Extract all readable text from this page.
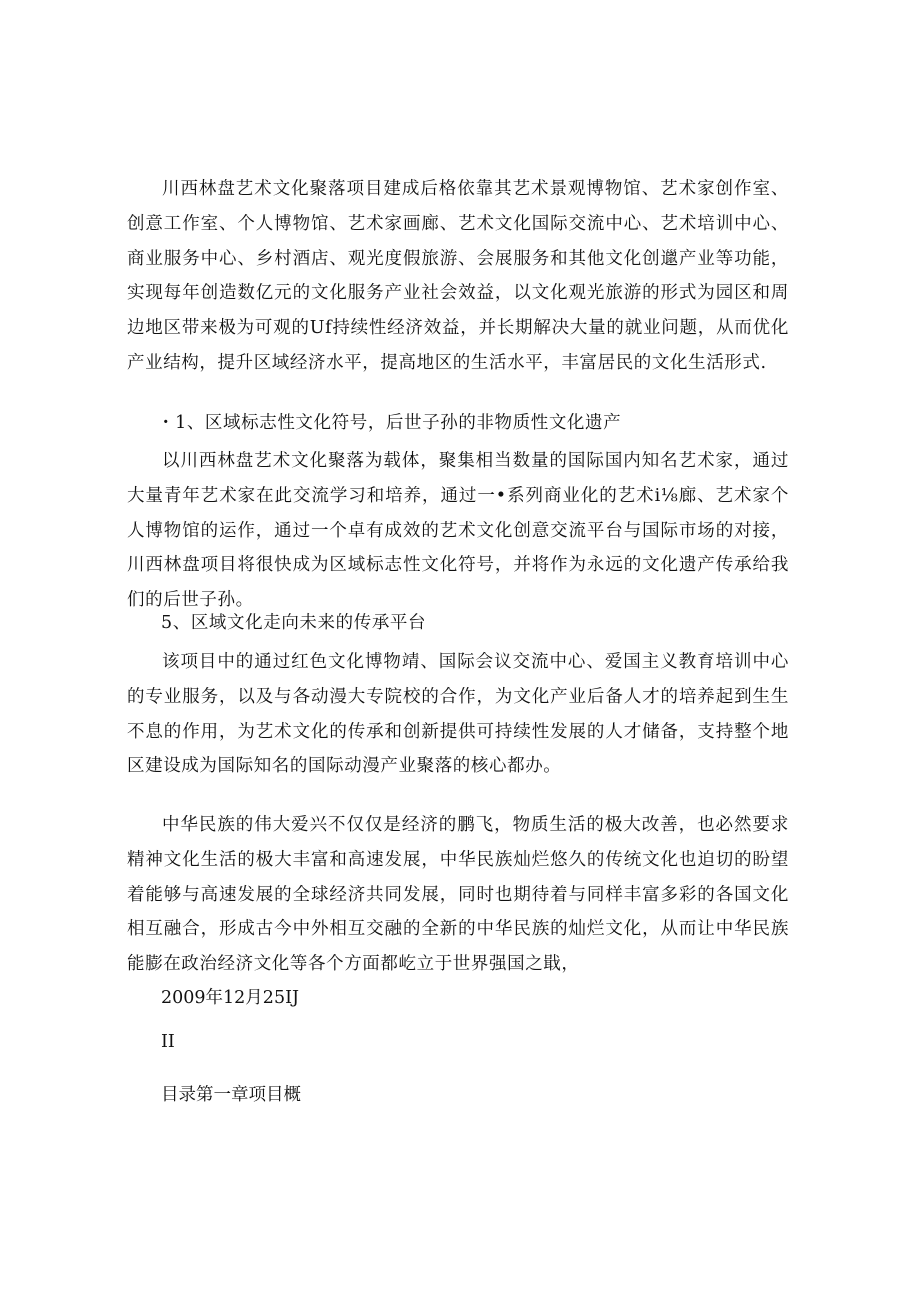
川西林盘艺术文化聚落项目建成后格依靠其艺术景观博物馆、艺术家创作室、创意工作室、个人博物馆、艺术家画廊、艺术文化国际交流中心、艺术培训中心、商业服务中心、乡村酒店、观光度假旅游、会展服务和其他文化创邋产业等功能，实现每年创造数亿元的文化服务产业社会效益，以文化观光旅游的形式为园区和周边地区带来极为可观的Uf持续性经济效益，并长期解决大量的就业问题，从而优化产业结构，提升区域经济水平，提高地区的生活水平，丰富居民的文化生活形式.

・1、区域标志性文化符号，后世子孙的非物质性文化遗产

以川西林盘艺术文化聚落为载体，聚集相当数量的国际国内知名艺术家，通过大量青年艺术家在此交流学习和培养，通过一•系列商业化的艺术i⅛廊、艺术家个人博物馆的运作，通过一个卓有成效的艺术文化创意交流平台与国际市场的对接，川西林盘项目将很快成为区域标志性文化符号，并将作为永远的文化遗产传承给我们的后世子孙。

5、区域文化走向未来的传承平台

该项目中的通过红色文化博物靖、国际会议交流中心、爱国主义教育培训中心的专业服务，以及与各动漫大专院校的合作，为文化产业后备人才的培养起到生生不息的作用，为艺术文化的传承和创新提供可持续性发展的人才储备，支持整个地区建设成为国际知名的国际动漫产业聚落的核心都办。

中华民族的伟大爱兴不仅仅是经济的鹏飞，物质生活的极大改善，也必然要求精神文化生活的极大丰富和高速发展，中华民族灿烂悠久的传统文化也迫切的盼望着能够与高速发展的全球经济共同发展，同时也期待着与同样丰富多彩的各国文化相互融合，形成古今中外相互交融的全新的中华民族的灿烂文化，从而让中华民族能膨在政治经济文化等各个方面都屹立于世界强国之戢，

2009年12月25IJ

II

目录第一章项目概
